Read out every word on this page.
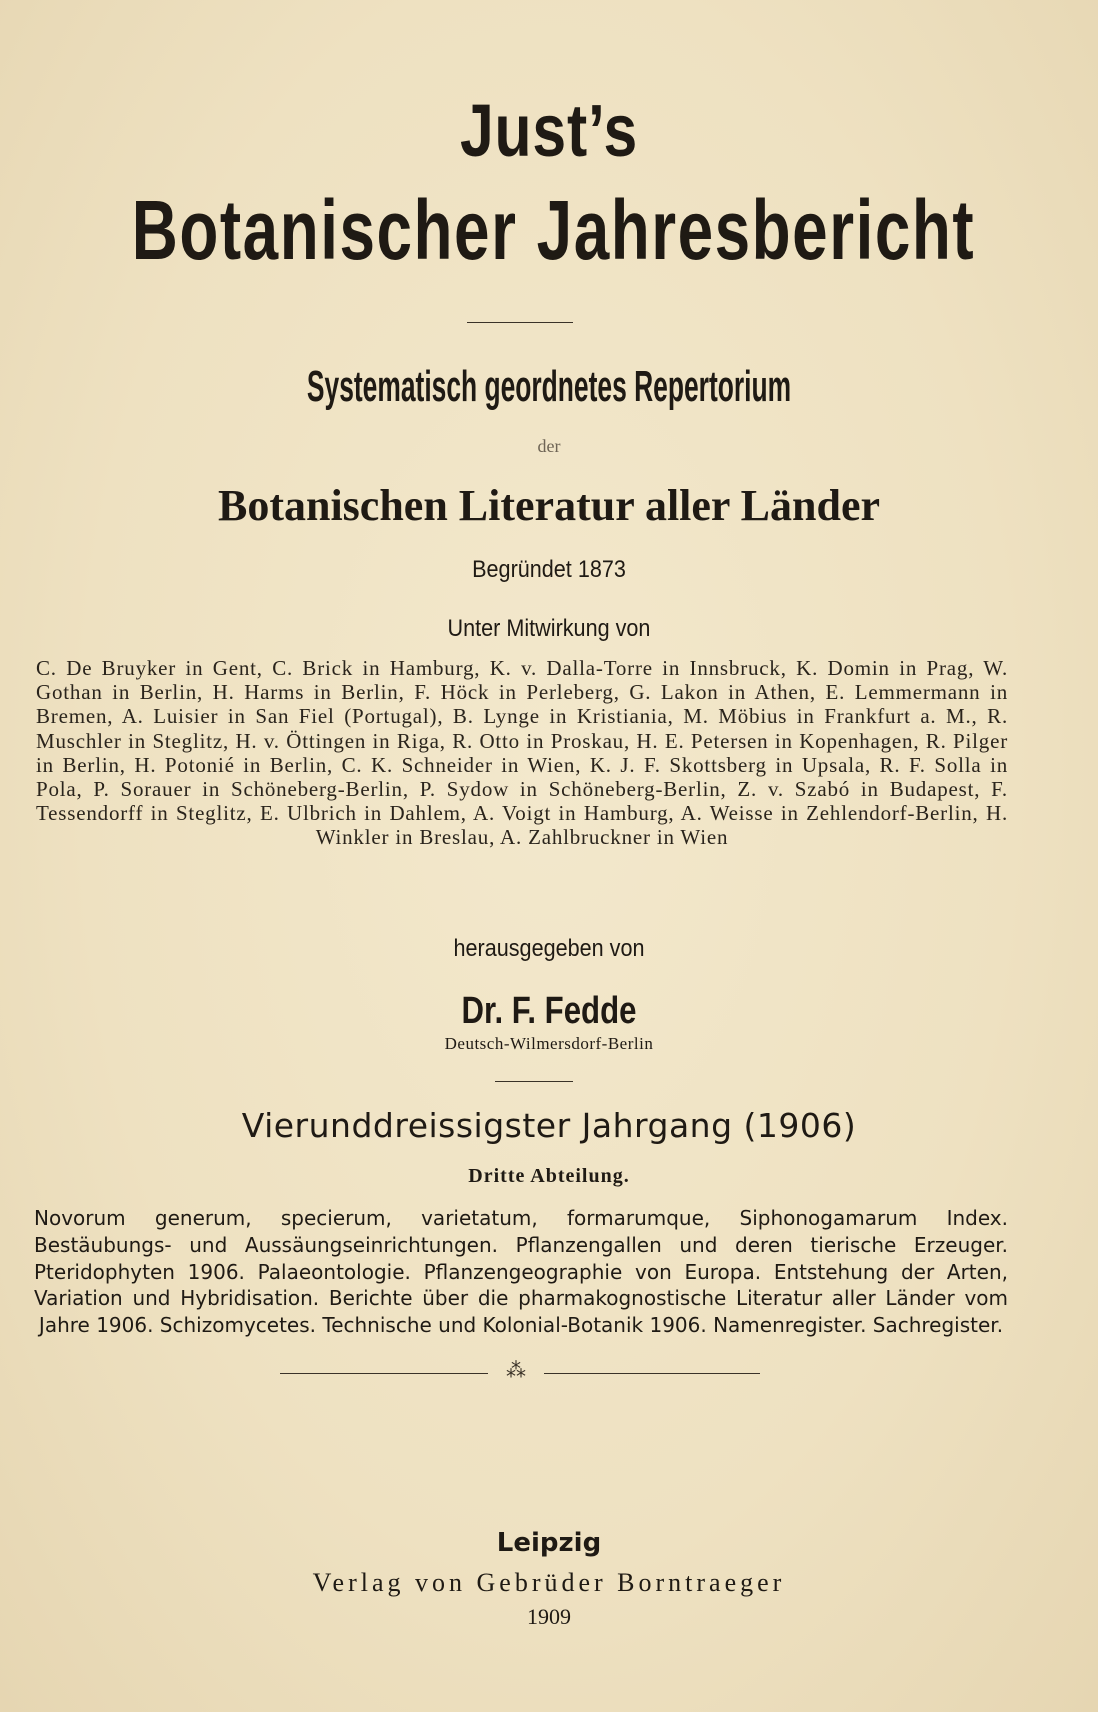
Just’s
Botanischer Jahresbericht
Systematisch geordnetes Repertorium
der
Botanischen Literatur aller Länder
Begründet 1873
Unter Mitwirkung von
C. De Bruyker in Gent, C. Brick in Hamburg, K. v. Dalla-Torre in Innsbruck, K. Domin in Prag, W. Gothan in Berlin, H. Harms in Berlin, F. Höck in Perleberg, G. Lakon in Athen, E. Lemmermann in Bremen, A. Luisier in San Fiel (Portugal), B. Lynge in Kristiania, M. Möbius in Frankfurt a. M., R. Muschler in Steglitz, H. v. Öttingen in Riga, R. Otto in Proskau, H. E. Petersen in Kopenhagen, R. Pilger in Berlin, H. Potonié in Berlin, C. K. Schneider in Wien, K. J. F. Skottsberg in Upsala, R. F. Solla in Pola, P. Sorauer in Schöneberg-Berlin, P. Sydow in Schöneberg-Berlin, Z. v. Szabó in Budapest, F. Tessendorff in Steglitz, E. Ulbrich in Dahlem, A. Voigt in Hamburg, A. Weisse in Zehlendorf-Berlin, H. Winkler in Breslau, A. Zahlbruckner in Wien
herausgegeben von
Dr. F. Fedde
Deutsch-Wilmersdorf-Berlin
Vierunddreissigster Jahrgang (1906)
Dritte Abteilung.
Novorum generum, specierum, varietatum, formarumque, Siphonogamarum Index. Bestäubungs- und Aussäungseinrichtungen. Pflanzengallen und deren tierische Erzeuger. Pteridophyten 1906. Palaeontologie. Pflanzengeographie von Europa. Entstehung der Arten, Variation und Hybridisation. Berichte über die pharmakognostische Literatur aller Länder vom Jahre 1906. Schizomycetes. Technische und Kolonial-Botanik 1906. Namenregister. Sachregister.
⁂
Leipzig
Verlag von Gebrüder Borntraeger
1909
